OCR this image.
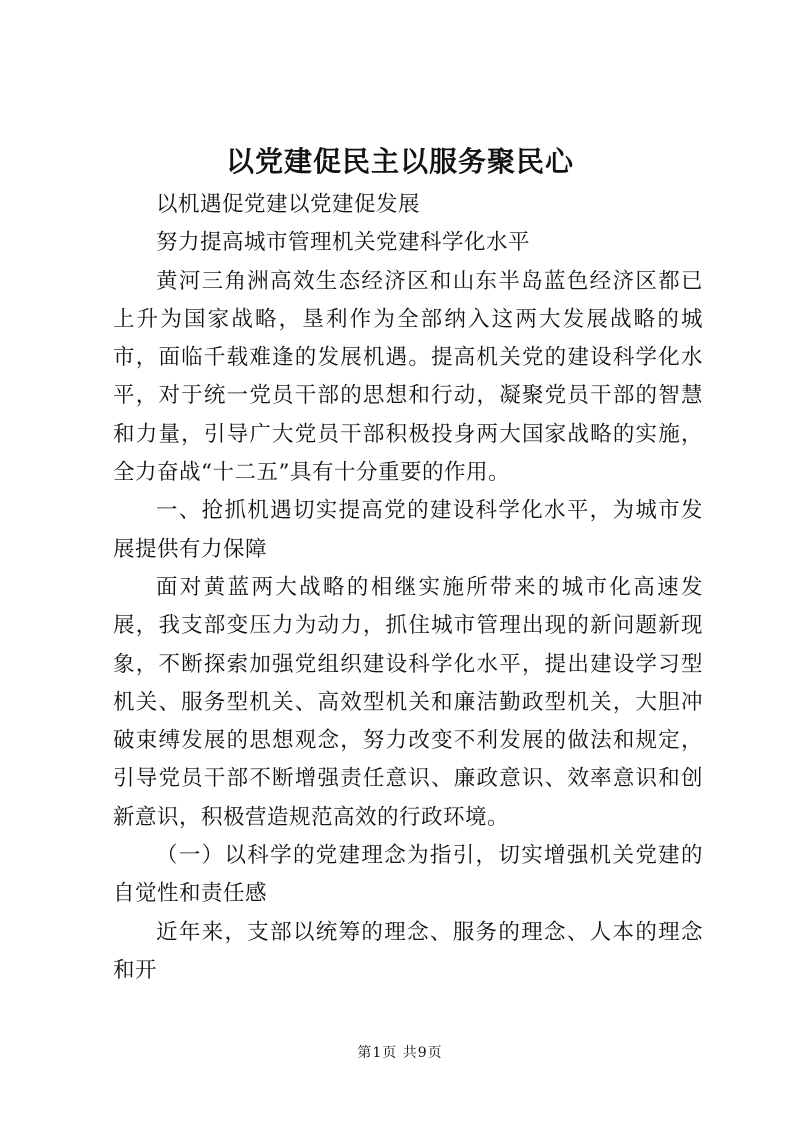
以党建促民主以服务聚民心

以机遇促党建以党建促发展

努力提高城市管理机关党建科学化水平

黄河三角洲高效生态经济区和山东半岛蓝色经济区都已上升为国家战略，垦利作为全部纳入这两大发展战略的城市，面临千载难逢的发展机遇。提高机关党的建设科学化水平，对于统一党员干部的思想和行动，凝聚党员干部的智慧和力量，引导广大党员干部积极投身两大国家战略的实施，全力奋战“十二五”具有十分重要的作用。

一、抢抓机遇切实提高党的建设科学化水平，为城市发展提供有力保障

面对黄蓝两大战略的相继实施所带来的城市化高速发展，我支部变压力为动力，抓住城市管理出现的新问题新现象，不断探索加强党组织建设科学化水平，提出建设学习型机关、服务型机关、高效型机关和廉洁勤政型机关，大胆冲破束缚发展的思想观念，努力改变不利发展的做法和规定，引导党员干部不断增强责任意识、廉政意识、效率意识和创新意识，积极营造规范高效的行政环境。

（一）以科学的党建理念为指引，切实增强机关党建的自觉性和责任感

近年来，支部以统筹的理念、服务的理念、人本的理念和开

第1页 共9页
